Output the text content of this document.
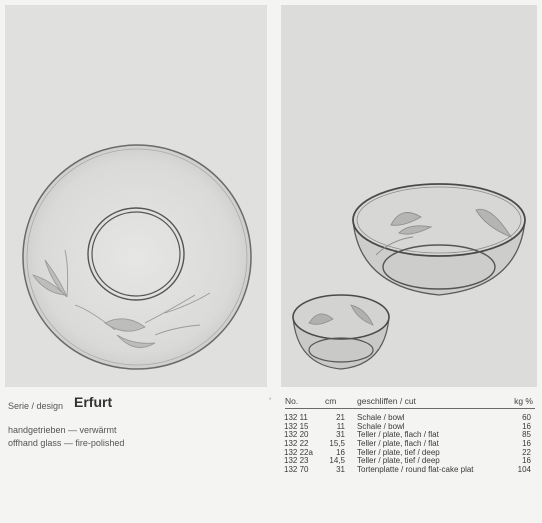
°
Serie / design Erfurt
handgetrieben — verwärmt
offhand glass — fire-polished
No.	cm geschliffen / cut	kg %
132 11	21 Schale / bowl	60
132 15	11 Schale / bowl	16
132 20	31 Teller / plate, flach / flat	85
132 22	15,5 Teller / plate, flach / flat	16
132 22a	16 Teller / plate, tief / deep	22
132 23	14,5 Teller / plate, tief / deep	16
132 70	31 Tortenplatte / round flat-cake plat	104
